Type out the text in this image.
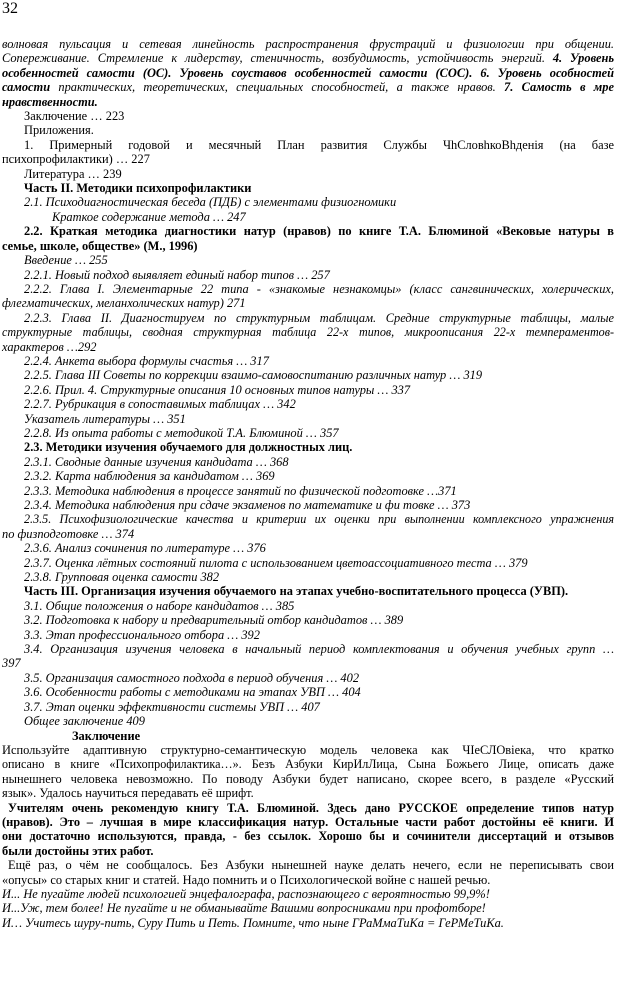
32

волновая пульсация и сетевая линейность распространения фрустраций и физиологии при общении.

Сопереживание. Стремление к лидерству, стеничность, возбудимость, устойчивость энергий. 4. Уровень

особенностей самости (ОС). Уровень соуставов особенностей самости (СОС). 6. Уровень особностей

самости практических, теоретических, специальных способностей, а также нравов. 7. Самость в мре

нравственности.

Заключение … 223

Приложения.

1. Примерный годовой и месячный План развития Службы ЧhСловhкоВhденія (на базе

психопрофилактики) … 227

Литература … 239

Часть II. Методики психопрофилактики

2.1. Психодиагностическая беседа (ПДБ) с элементами физиогномики

Краткое содержание метода … 247

2.2. Краткая методика диагностики натур (нравов) по книге Т.А. Блюминой «Вековые натуры в

семье, школе, обществе» (М., 1996)

Введение … 255

2.2.1. Новый подход выявляет единый набор типов … 257

2.2.2. Глава I. Элементарные 22 типа - «знакомые незнакомцы» (класс сангвинических, холерических,

флегматических, меланхолических натур) 271

2.2.3. Глава II. Диагностируем по структурным таблицам. Средние структурные таблицы, малые

структурные таблицы, сводная структурная таблица 22-х типов, микроописания 22-х темпераментов-

характеров …292

2.2.4. Анкета выбора формулы счастья … 317

2.2.5. Глава III Советы по коррекции взаимо-самовоспитанию различных натур … 319

2.2.6. Прил. 4. Структурные описания 10 основных типов натуры … 337

2.2.7. Рубрикация в сопоставимых таблицах … 342

Указатель литературы … 351

2.2.8. Из опыта работы с методикой Т.А. Блюминой … 357

2.3. Методики изучения обучаемого для должностных лиц.

2.3.1. Сводные данные изучения кандидата … 368

2.3.2. Карта наблюдения за кандидатом … 369

2.3.3. Методика наблюдения в процессе занятий по физической подготовке …371

2.3.4. Методика наблюдения при сдаче экзаменов по математике и фи товке … 373

2.3.5. Психофизиологические качества и критерии их оценки при выполнении комплексного упражнения

по физподготовке … 374

2.3.6. Анализ сочинения по литературе … 376

2.3.7. Оценка лётных состояний пилота с использованием цветоассоциативного теста … 379

2.3.8. Групповая оценка самости 382

Часть III. Организация изучения обучаемого на этапах учебно-воспитательного процесса (УВП).

3.1. Общие положения о наборе кандидатов … 385

3.2. Подготовка к набору и предварительный отбор кандидатов … 389

3.3. Этап профессионального отбора … 392

3.4. Организация изучения человека в начальный период комплектования и обучения учебных групп …

397

3.5. Организация самостного подхода в период обучения … 402

3.6. Особенности работы с методиками на этапах УВП … 404

3.7. Этап оценки эффективности системы УВП … 407

Общее заключение 409

Заключение

Используйте адаптивную структурно-семантическую модель человека как ЧІеСЛОвіека, что кратко

описано в книге «Психопрофилактика…». Безъ Азбуки КирИлЛица, Сына Божьего Лице, описать даже

нынешнего человека невозможно. По поводу Азбуки будет написано, скорее всего, в разделе «Русский

язык». Удалось научиться передавать её шрифт.

Учителям очень рекомендую книгу Т.А. Блюминой. Здесь дано РУССКОЕ определение типов натур

(нравов). Это – лучшая в мире классификация натур. Остальные части работ достойны её книги. И

они достаточно используются, правда, - без ссылок. Хорошо бы и сочинители диссертаций и отзывов

были достойны этих работ.

Ещё раз, о чём не сообщалось. Без Азбуки нынешней науке делать нечего, если не переписывать свои

«опусы» со старых книг и статей. Надо помнить и о Психологической войне с нашей речью.

И... Не пугайте людей психологией энцефалографа, распознающего с вероятностью 99,9%!

И...Уж, тем более! Не пугайте и не обманывайте Вашими вопросниками при профотборе!

И… Учитесь шуру-пить, Суру Пить и Петь. Помните, что ныне ГРаМмаТиКа = ГеРМеТиКа.
